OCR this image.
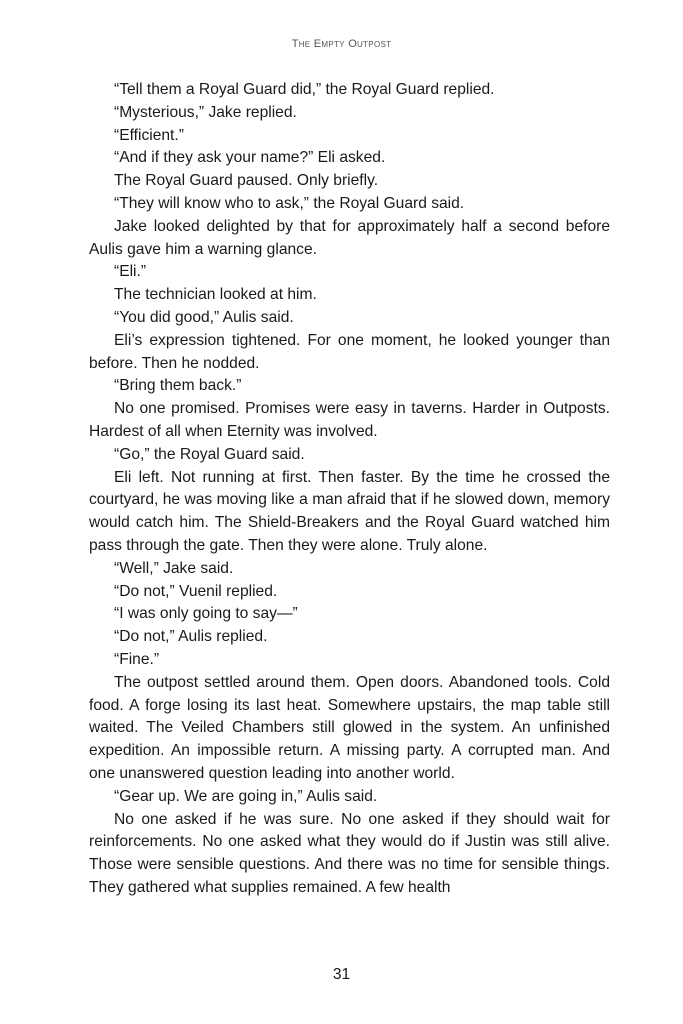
The Empty Outpost

“Tell them a Royal Guard did,” the Royal Guard replied.

“Mysterious,” Jake replied.

“Efficient.”

“And if they ask your name?” Eli asked.

The Royal Guard paused. Only briefly.

“They will know who to ask,” the Royal Guard said.

Jake looked delighted by that for approximately half a second before Aulis gave him a warning glance.

“Eli.”

The technician looked at him.

“You did good,” Aulis said.

Eli’s expression tightened. For one moment, he looked younger than before. Then he nodded.

“Bring them back.”

No one promised. Promises were easy in taverns. Harder in Outposts. Hardest of all when Eternity was involved.

“Go,” the Royal Guard said.

Eli left. Not running at first. Then faster. By the time he crossed the courtyard, he was moving like a man afraid that if he slowed down, memory would catch him. The Shield-Breakers and the Royal Guard watched him pass through the gate. Then they were alone. Truly alone.

“Well,” Jake said.

“Do not,” Vuenil replied.

“I was only going to say—”

“Do not,” Aulis replied.

“Fine.”

The outpost settled around them. Open doors. Abandoned tools. Cold food. A forge losing its last heat. Somewhere upstairs, the map table still waited. The Veiled Chambers still glowed in the system. An unfinished expedition. An impossible return. A missing party. A corrupted man. And one unanswered question leading into another world.

“Gear up. We are going in,” Aulis said.

No one asked if he was sure. No one asked if they should wait for reinforcements. No one asked what they would do if Justin was still alive. Those were sensible questions. And there was no time for sensible things. They gathered what supplies remained. A few health

31
